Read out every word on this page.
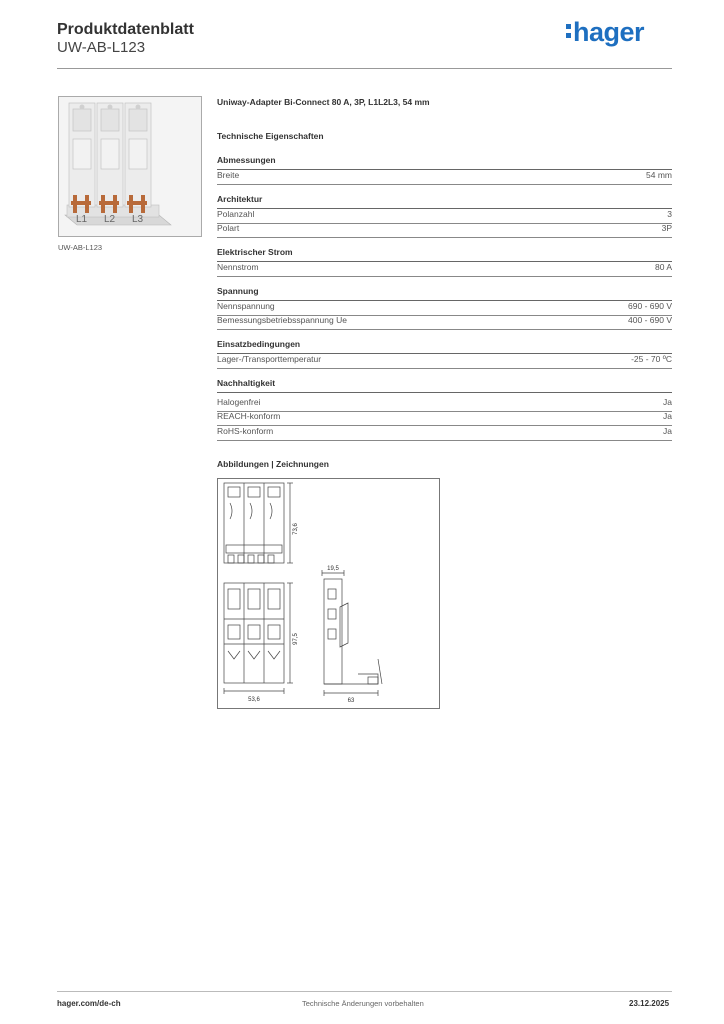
Produktdatenblatt
UW-AB-L123
hager
L1 L2 L3
UW-AB-L123
Uniway-Adapter Bi-Connect 80 A, 3P, L1L2L3, 54 mm
Technische Eigenschaften
Abmessungen
Breite	54 mm
Architektur
Polanzahl	3
Polart	3P
Elektrischer Strom
Nennstrom	80 A
Spannung
Nennspannung	690 - 690 V
Bemessungsbetriebsspannung Ue	400 - 690 V
Einsatzbedingungen
Lager-/Transporttemperatur	-25 - 70 ºC
Nachhaltigkeit
Halogenfrei	Ja
REACH-konform	Ja
RoHS-konform	Ja
Abbildungen | Zeichnungen
73,6
97,5
53,6
19,5
63
hager.com/de-ch	Technische Änderungen vorbehalten	23.12.2025
